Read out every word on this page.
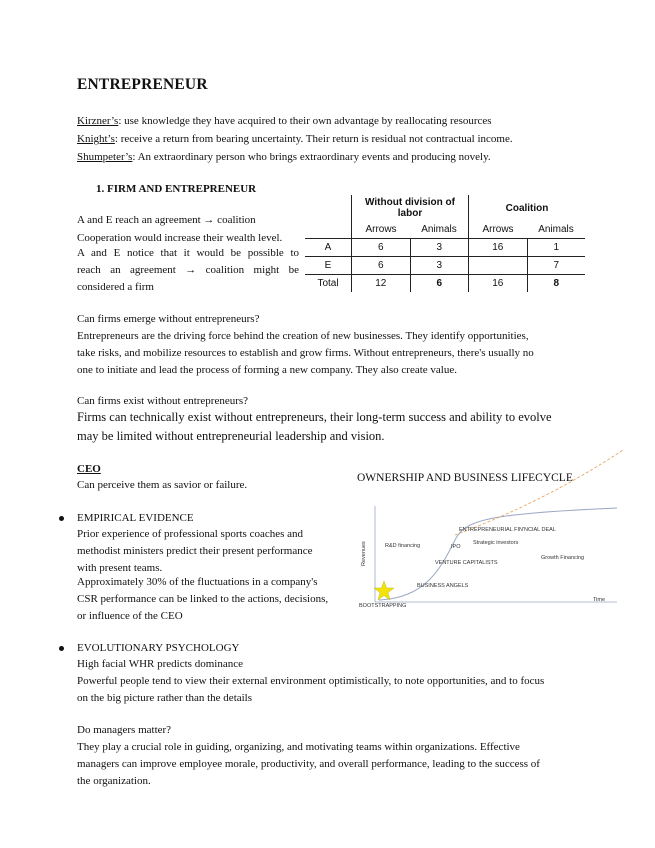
ENTREPRENEUR
Kirzner’s: use knowledge they have acquired to their own advantage by reallocating resources
Knight’s: receive a return from bearing uncertainty. Their return is residual not contractual income.
Shumpeter’s: An extraordinary person who brings extraordinary events and producing novely.
1. FIRM AND ENTREPRENEUR
A and E reach an agreement → coalition
Cooperation would increase their wealth level.
A and E notice that it would be possible to
reach an agreement → coalition might be
considered a firm
	Without division of labor		Coalition	
	Arrows	Animals	Arrows	Animals
A	6	3	16	1
E	6	3		7
Total	12	6	16	8
Can firms emerge without entrepreneurs?
Entrepreneurs are the driving force behind the creation of new businesses. They identify opportunities,
take risks, and mobilize resources to establish and grow firms. Without entrepreneurs, there's usually no
one to initiate and lead the process of forming a new company. They also create value.
Can firms exist without entrepreneurs?
Firms can technically exist without entrepreneurs, their long-term success and ability to evolve
may be limited without entrepreneurial leadership and vision.
CEO
Can perceive them as savior or failure.
EMPIRICAL EVIDENCE
Prior experience of professional sports coaches and
methodist ministers predict their present performance
with present teams.
Approximately 30% of the fluctuations in a company's
CSR performance can be linked to the actions, decisions,
or influence of the CEO
OWNERSHIP AND BUSINESS LIFECYCLE
BOOTSTRAPPING
BUSINESS ANGELS
VENTURE CAPITALISTS
ENTREPRENEURIAL FIN'NCIAL DEAL
Strategic investors
IPO
Growth Financing
R&D financing
Time
Revenues
EVOLUTIONARY PSYCHOLOGY
High facial WHR predicts dominance
Powerful people tend to view their external environment optimistically, to note opportunities, and to focus
on the big picture rather than the details
Do managers matter?
They play a crucial role in guiding, organizing, and motivating teams within organizations. Effective
managers can improve employee morale, productivity, and overall performance, leading to the success of
the organization.
